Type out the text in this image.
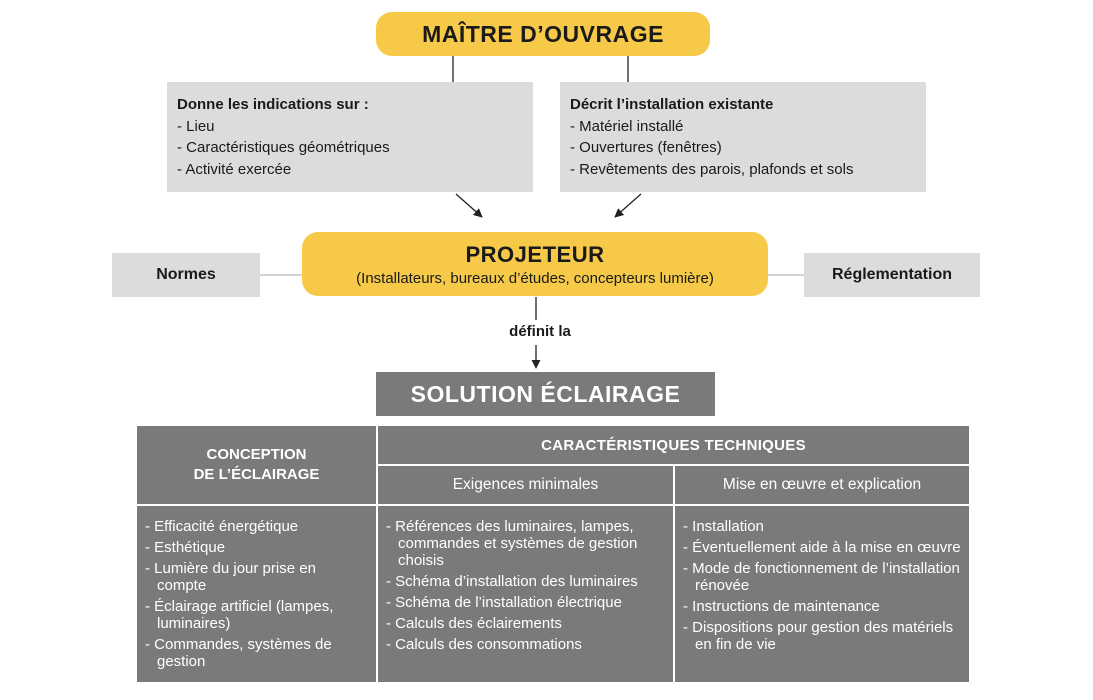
MAÎTRE D’OUVRAGE
Donne les indications sur :
- Lieu
- Caractéristiques géométriques
- Activité exercée
Décrit l’installation existante
- Matériel installé
- Ouvertures (fenêtres)
- Revêtements des parois, plafonds et sols
Normes
PROJETEUR
(Installateurs, bureaux d’études, concepteurs lumière)	Réglementation
définit la
SOLUTION ÉCLAIRAGE
CONCEPTION
DE L’ÉCLAIRAGE
CARACTÉRISTIQUES TECHNIQUES
Exigences minimales	Mise en œuvre et explication
- Efficacité énergétique
- Esthétique
- Lumière du jour prise en compte
- Éclairage artificiel (lampes, luminaires)
- Commandes, systèmes de gestion
- Références des luminaires, lampes, commandes et systèmes de gestion choisis
- Schéma d’installation des luminaires
- Schéma de l’installation électrique
- Calculs des éclairements
- Calculs des consommations
- Installation
- Éventuellement aide à la mise en œuvre
- Mode de fonctionnement de l’installation rénovée
- Instructions de maintenance
- Dispositions pour gestion des matériels en fin de vie
